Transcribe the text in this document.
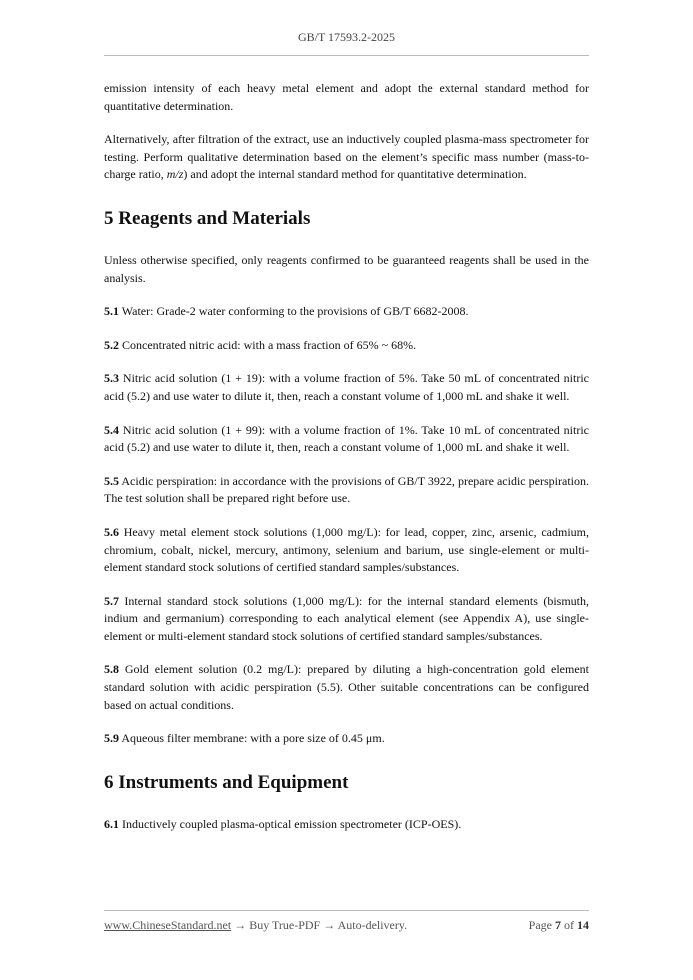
GB/T 17593.2-2025

emission intensity of each heavy metal element and adopt the external standard method for quantitative determination.

Alternatively, after filtration of the extract, use an inductively coupled plasma-mass spectrometer for testing. Perform qualitative determination based on the element’s specific mass number (mass-to-charge ratio, m/z) and adopt the internal standard method for quantitative determination.

5 Reagents and Materials

Unless otherwise specified, only reagents confirmed to be guaranteed reagents shall be used in the analysis.

5.1 Water: Grade-2 water conforming to the provisions of GB/T 6682-2008.

5.2 Concentrated nitric acid: with a mass fraction of 65% ~ 68%.

5.3 Nitric acid solution (1 + 19): with a volume fraction of 5%. Take 50 mL of concentrated nitric acid (5.2) and use water to dilute it, then, reach a constant volume of 1,000 mL and shake it well.

5.4 Nitric acid solution (1 + 99): with a volume fraction of 1%. Take 10 mL of concentrated nitric acid (5.2) and use water to dilute it, then, reach a constant volume of 1,000 mL and shake it well.

5.5 Acidic perspiration: in accordance with the provisions of GB/T 3922, prepare acidic perspiration. The test solution shall be prepared right before use.

5.6 Heavy metal element stock solutions (1,000 mg/L): for lead, copper, zinc, arsenic, cadmium, chromium, cobalt, nickel, mercury, antimony, selenium and barium, use single-element or multi-element standard stock solutions of certified standard samples/substances.

5.7 Internal standard stock solutions (1,000 mg/L): for the internal standard elements (bismuth, indium and germanium) corresponding to each analytical element (see Appendix A), use single-element or multi-element standard stock solutions of certified standard samples/substances.

5.8 Gold element solution (0.2 mg/L): prepared by diluting a high-concentration gold element standard solution with acidic perspiration (5.5). Other suitable concentrations can be configured based on actual conditions.

5.9 Aqueous filter membrane: with a pore size of 0.45 μm.

6 Instruments and Equipment

6.1 Inductively coupled plasma-optical emission spectrometer (ICP-OES).

www.ChineseStandard.net → Buy True-PDF → Auto-delivery.	Page 7 of 14
